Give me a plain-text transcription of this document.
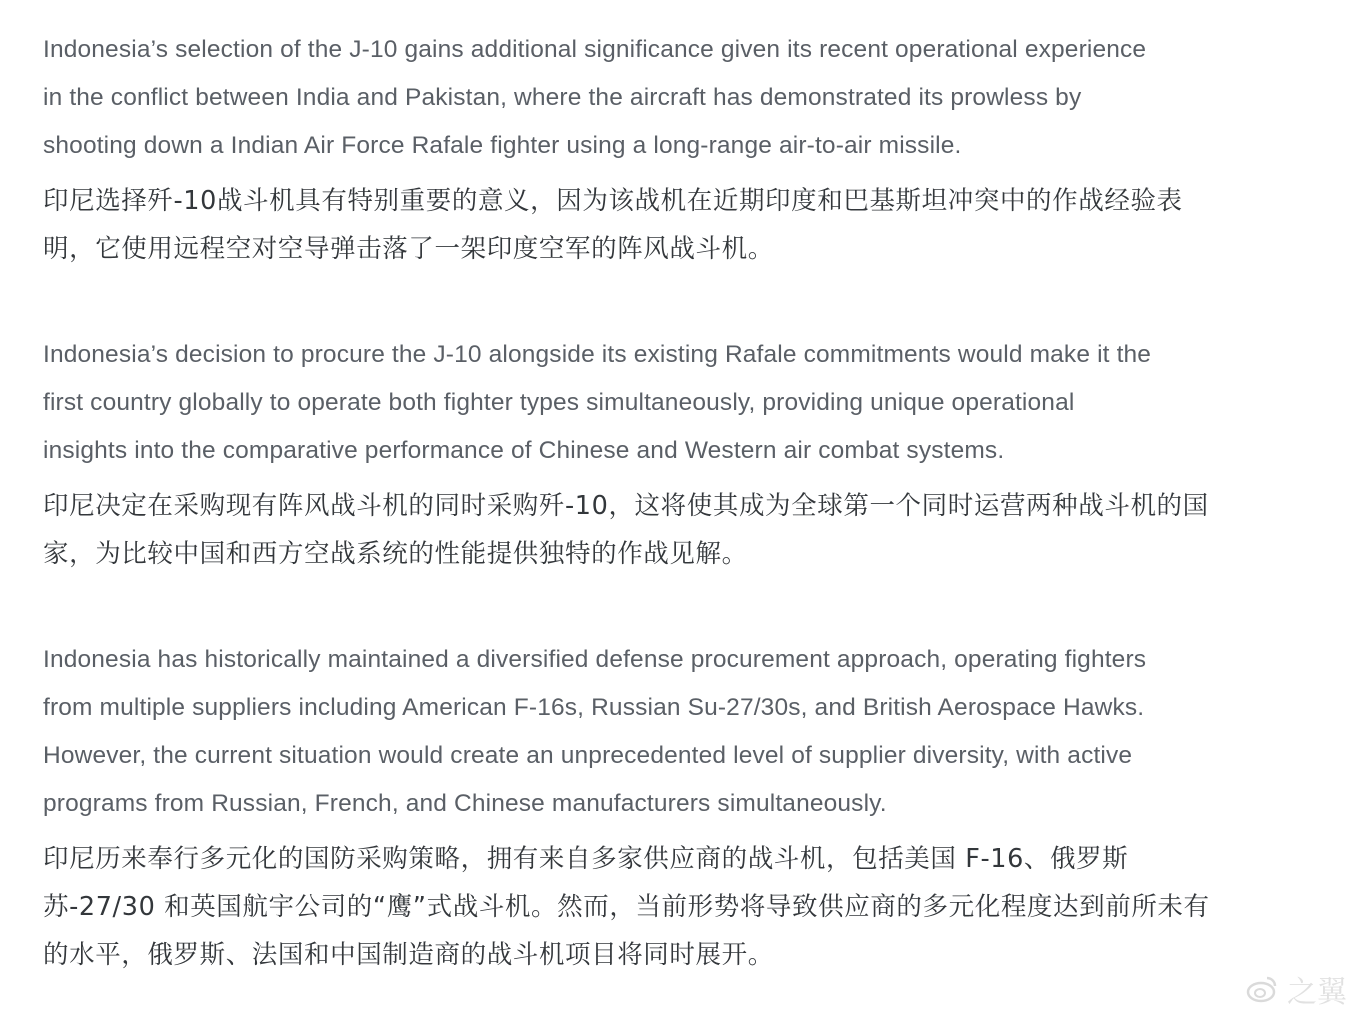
Indonesia’s selection of the J-10 gains additional significance given its recent operational experience
in the conflict between India and Pakistan, where the aircraft has demonstrated its prowless by
shooting down a Indian Air Force Rafale fighter using a long-range air-to-air missile.

印尼选择歼-10战斗机具有特别重要的意义，因为该战机在近期印度和巴基斯坦冲突中的作战经验表
明，它使用远程空对空导弹击落了一架印度空军的阵风战斗机。

Indonesia’s decision to procure the J-10 alongside its existing Rafale commitments would make it the
first country globally to operate both fighter types simultaneously, providing unique operational
insights into the comparative performance of Chinese and Western air combat systems.

印尼决定在采购现有阵风战斗机的同时采购歼-10，这将使其成为全球第一个同时运营两种战斗机的国
家，为比较中国和西方空战系统的性能提供独特的作战见解。

Indonesia has historically maintained a diversified defense procurement approach, operating fighters
from multiple suppliers including American F-16s, Russian Su-27/30s, and British Aerospace Hawks.
However, the current situation would create an unprecedented level of supplier diversity, with active
programs from Russian, French, and Chinese manufacturers simultaneously.

印尼历来奉行多元化的国防采购策略，拥有来自多家供应商的战斗机，包括美国 F-16、俄罗斯
苏-27/30 和英国航宇公司的“鹰”式战斗机。然而，当前形势将导致供应商的多元化程度达到前所未有
的水平，俄罗斯、法国和中国制造商的战斗机项目将同时展开。

之翼
